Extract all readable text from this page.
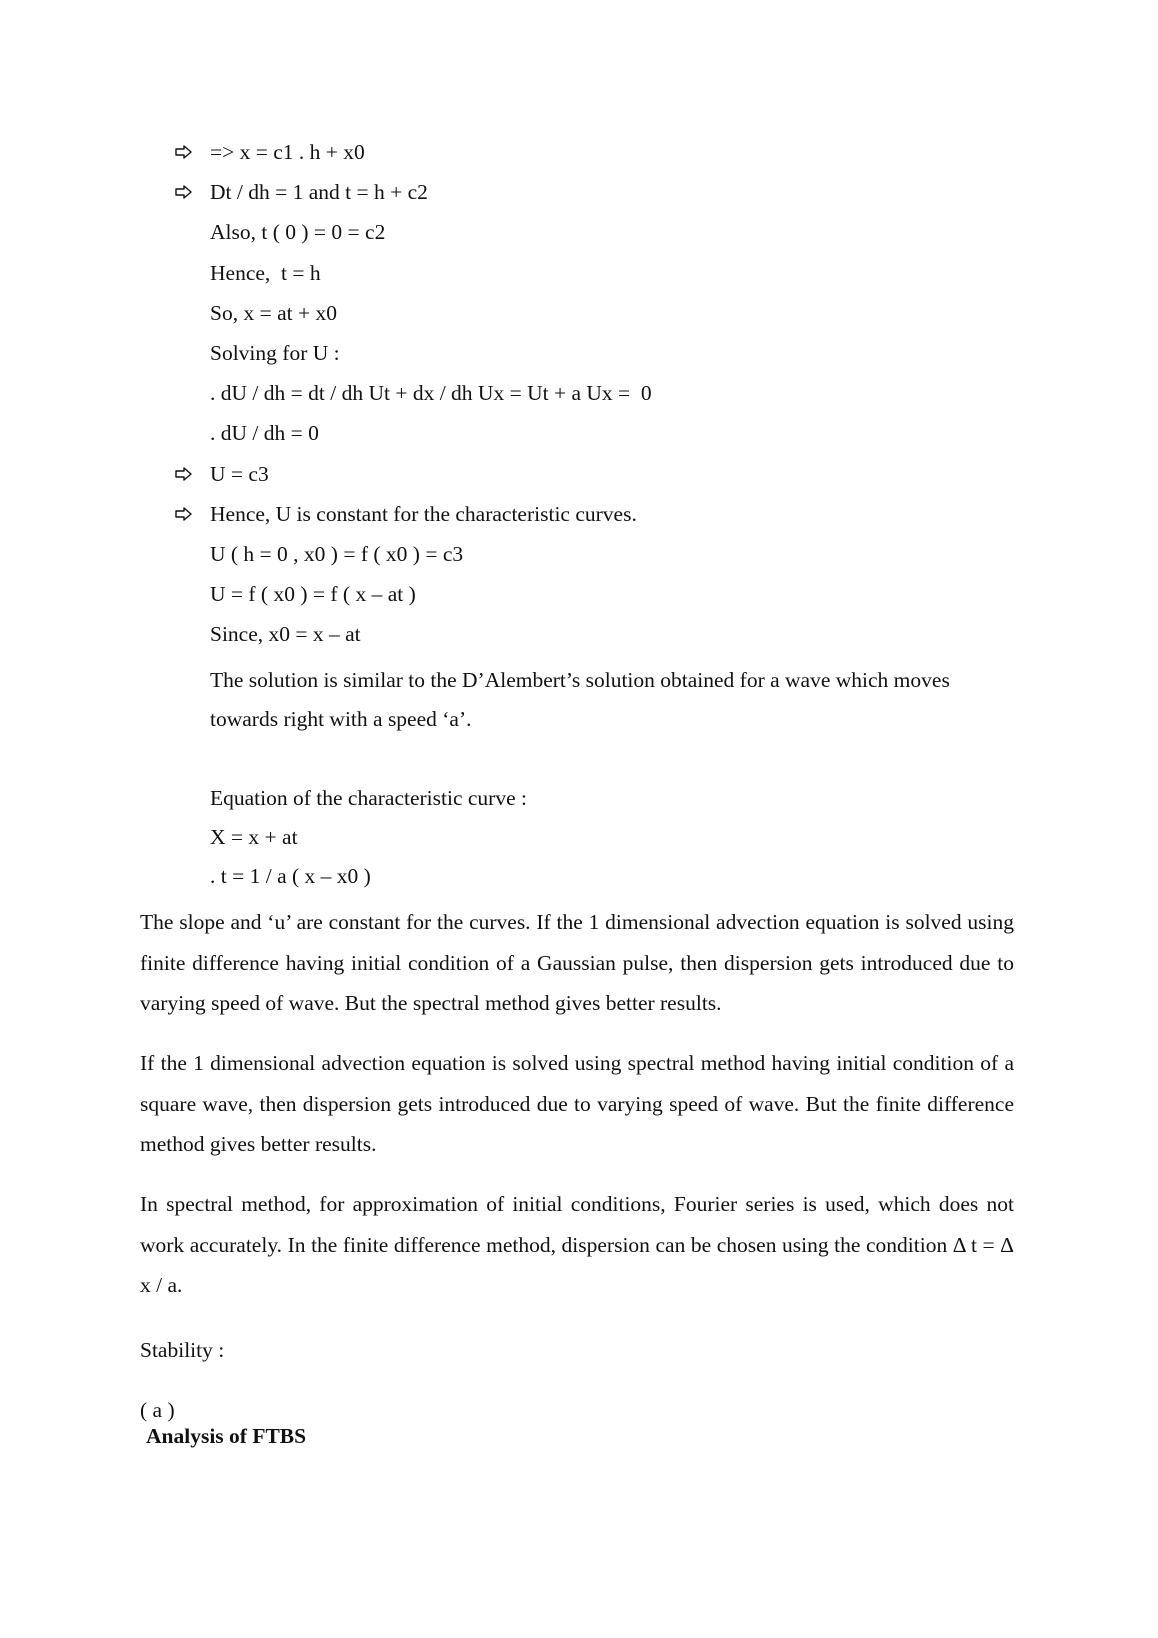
=> x = c1 . h + x0
Dt / dh = 1 and t = h + c2
Also, t ( 0 ) = 0 = c2
Hence,  t = h
So, x = at + x0
Solving for U :
. dU / dh = dt / dh Ut + dx / dh Ux = Ut + a Ux =  0
. dU / dh = 0
U = c3
Hence, U is constant for the characteristic curves.
U ( h = 0 , x0 ) = f ( x0 ) = c3
U = f ( x0 ) = f ( x – at )
Since, x0 = x – at
The solution is similar to the D’Alembert’s solution obtained for a wave which moves
towards right with a speed ‘a’.
Equation of the characteristic curve :
X = x + at
. t = 1 / a ( x – x0 )
The slope and ‘u’ are constant for the curves. If the 1 dimensional advection equation is solved using finite difference having initial condition of a Gaussian pulse, then dispersion gets introduced due to varying speed of wave. But the spectral method gives better results.
If the 1 dimensional advection equation is solved using spectral method having initial condition of a square wave, then dispersion gets introduced due to varying speed of wave. But the finite difference method gives better results.
In spectral method, for approximation of initial conditions, Fourier series is used, which does not work accurately. In the finite difference method, dispersion can be chosen using the condition Δ t = Δ x / a.
Stability :
( a )
Analysis of FTBS
